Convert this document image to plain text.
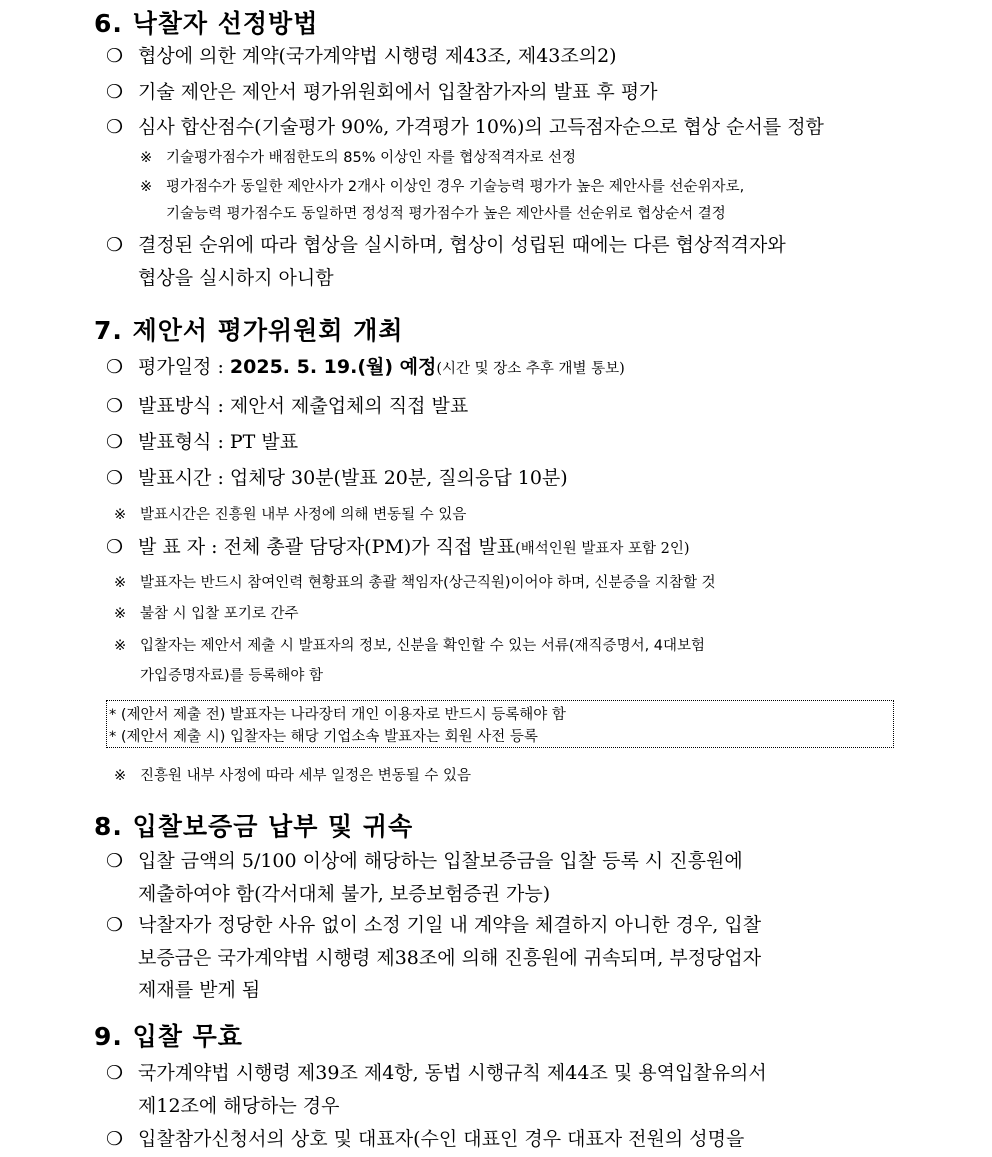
6. 낙찰자 선정방법
❍ 협상에 의한 계약(국가계약법 시행령 제43조, 제43조의2)
❍ 기술 제안은 제안서 평가위원회에서 입찰참가자의 발표 후 평가
❍ 심사 합산점수(기술평가 90%, 가격평가 10%)의 고득점자순으로 협상 순서를 정함
※ 기술평가점수가 배점한도의 85% 이상인 자를 협상적격자로 선정
※ 평가점수가 동일한 제안사가 2개사 이상인 경우 기술능력 평가가 높은 제안사를 선순위자로,
기술능력 평가점수도 동일하면 정성적 평가점수가 높은 제안사를 선순위로 협상순서 결정
❍ 결정된 순위에 따라 협상을 실시하며, 협상이 성립된 때에는 다른 협상적격자와
협상을 실시하지 아니함
7. 제안서 평가위원회 개최
❍ 평가일정 : 2025. 5. 19.(월) 예정(시간 및 장소 추후 개별 통보)
❍ 발표방식 : 제안서 제출업체의 직접 발표
❍ 발표형식 : PT 발표
❍ 발표시간 : 업체당 30분(발표 20분, 질의응답 10분)
※ 발표시간은 진흥원 내부 사정에 의해 변동될 수 있음
❍ 발 표 자 : 전체 총괄 담당자(PM)가 직접 발표(배석인원 발표자 포함 2인)
※ 발표자는 반드시 참여인력 현황표의 총괄 책임자(상근직원)이어야 하며, 신분증을 지참할 것
※ 불참 시 입찰 포기로 간주
※ 입찰자는 제안서 제출 시 발표자의 정보, 신분을 확인할 수 있는 서류(재직증명서, 4대보험
가입증명자료)를 등록해야 함
* (제안서 제출 전) 발표자는 나라장터 개인 이용자로 반드시 등록해야 함
* (제안서 제출 시) 입찰자는 해당 기업소속 발표자는 회원 사전 등록
※ 진흥원 내부 사정에 따라 세부 일정은 변동될 수 있음
8. 입찰보증금 납부 및 귀속
❍ 입찰 금액의 5/100 이상에 해당하는 입찰보증금을 입찰 등록 시 진흥원에
제출하여야 함(각서대체 불가, 보증보험증권 가능)
❍ 낙찰자가 정당한 사유 없이 소정 기일 내 계약을 체결하지 아니한 경우, 입찰
보증금은 국가계약법 시행령 제38조에 의해 진흥원에 귀속되며, 부정당업자
제재를 받게 됨
9. 입찰 무효
❍ 국가계약법 시행령 제39조 제4항, 동법 시행규칙 제44조 및 용역입찰유의서
제12조에 해당하는 경우
❍ 입찰참가신청서의 상호 및 대표자(수인 대표인 경우 대표자 전원의 성명을
